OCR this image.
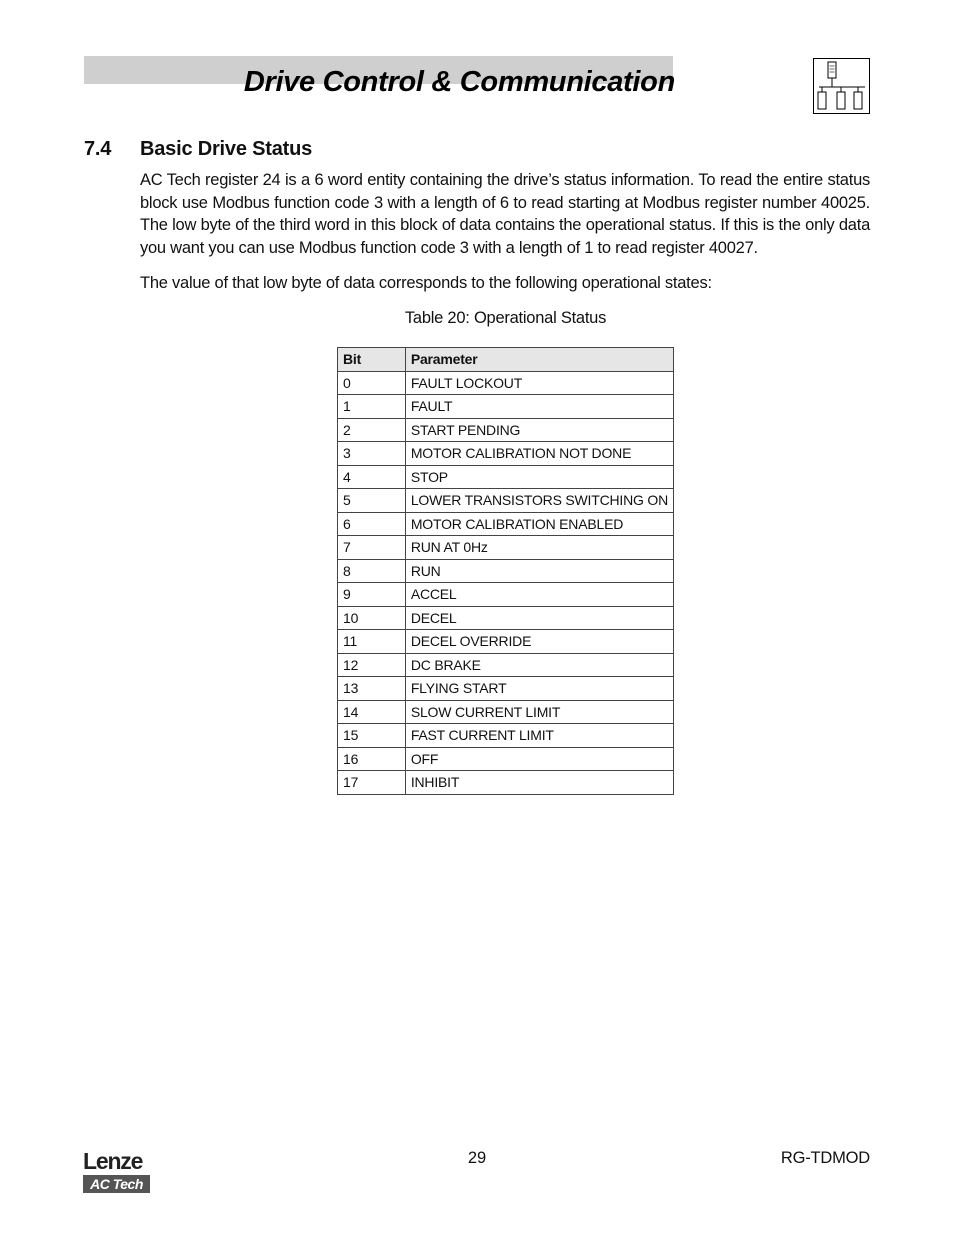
Drive Control & Communication
7.4 Basic Drive Status
AC Tech register 24 is a 6 word entity containing the drive’s status information. To read the entire status block use Modbus function code 3 with a length of 6 to read starting at Modbus register number 40025. The low byte of the third word in this block of data contains the operational status. If this is the only data you want you can use Modbus function code 3 with a length of 1 to read register 40027.
The value of that low byte of data corresponds to the following operational states:
Table 20: Operational Status
Bit	Parameter
0	FAULT LOCKOUT
1	FAULT
2	START PENDING
3	MOTOR CALIBRATION NOT DONE
4	STOP
5	LOWER TRANSISTORS SWITCHING ON
6	MOTOR CALIBRATION ENABLED
7	RUN AT 0Hz
8	RUN
9	ACCEL
10	DECEL
11	DECEL OVERRIDE
12	DC BRAKE
13	FLYING START
14	SLOW CURRENT LIMIT
15	FAST CURRENT LIMIT
16	OFF
17	INHIBIT
Lenze
AC Tech
29	RG-TDMOD
